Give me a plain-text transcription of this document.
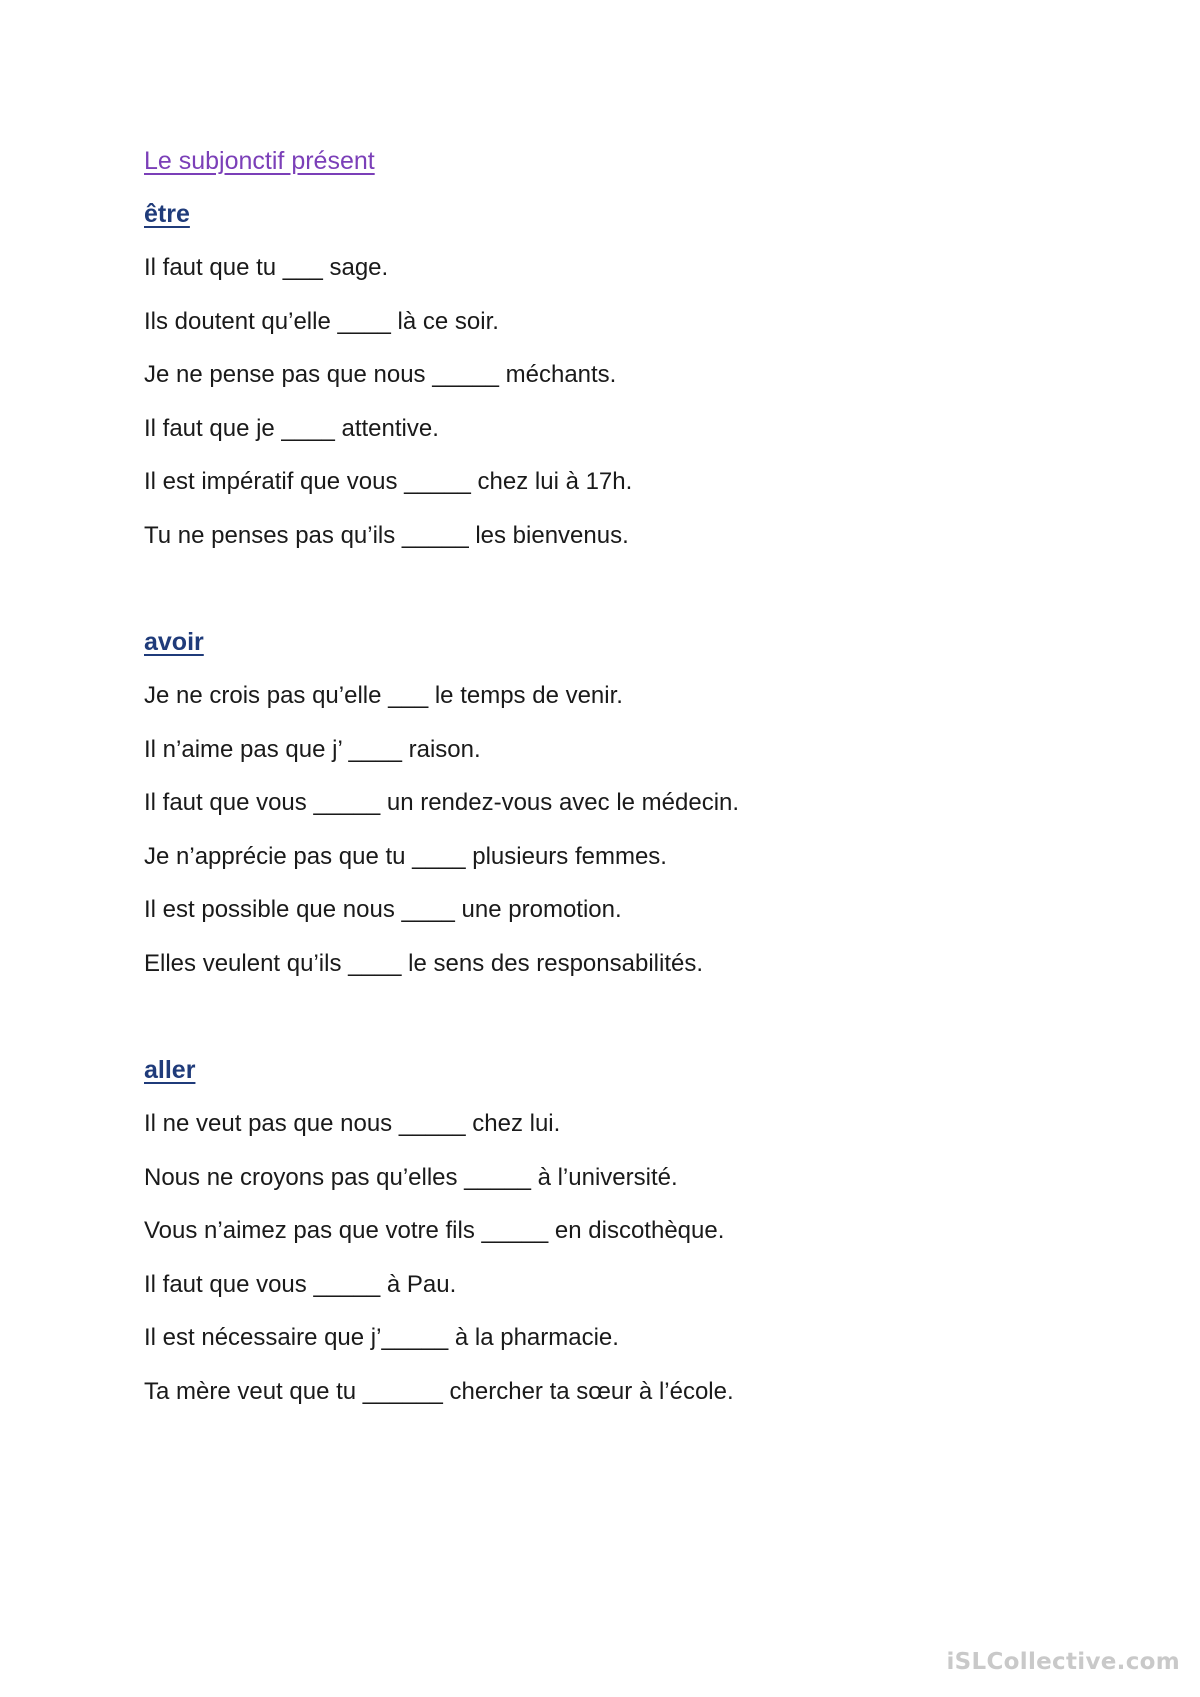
Le subjonctif présent
être
Il faut que tu ___ sage.
Ils doutent qu’elle ____ là ce soir.
Je ne pense pas que nous _____ méchants.
Il faut que je ____ attentive.
Il est impératif que vous _____ chez lui à 17h.
Tu ne penses pas qu’ils _____ les bienvenus.
avoir
Je ne crois pas qu’elle ___ le temps de venir.
Il n’aime pas que j’ ____ raison.
Il faut que vous _____ un rendez-vous avec le médecin.
Je n’apprécie pas que tu ____ plusieurs femmes.
Il est possible que nous ____ une promotion.
Elles veulent qu’ils ____ le sens des responsabilités.
aller
Il ne veut pas que nous _____ chez lui.
Nous ne croyons pas qu’elles _____ à l’université.
Vous n’aimez pas que votre fils _____ en discothèque.
Il faut que vous _____ à Pau.
Il est nécessaire que j’_____ à la pharmacie.
Ta mère veut que tu ______ chercher ta sœur à l’école.
iSLCollective.com
